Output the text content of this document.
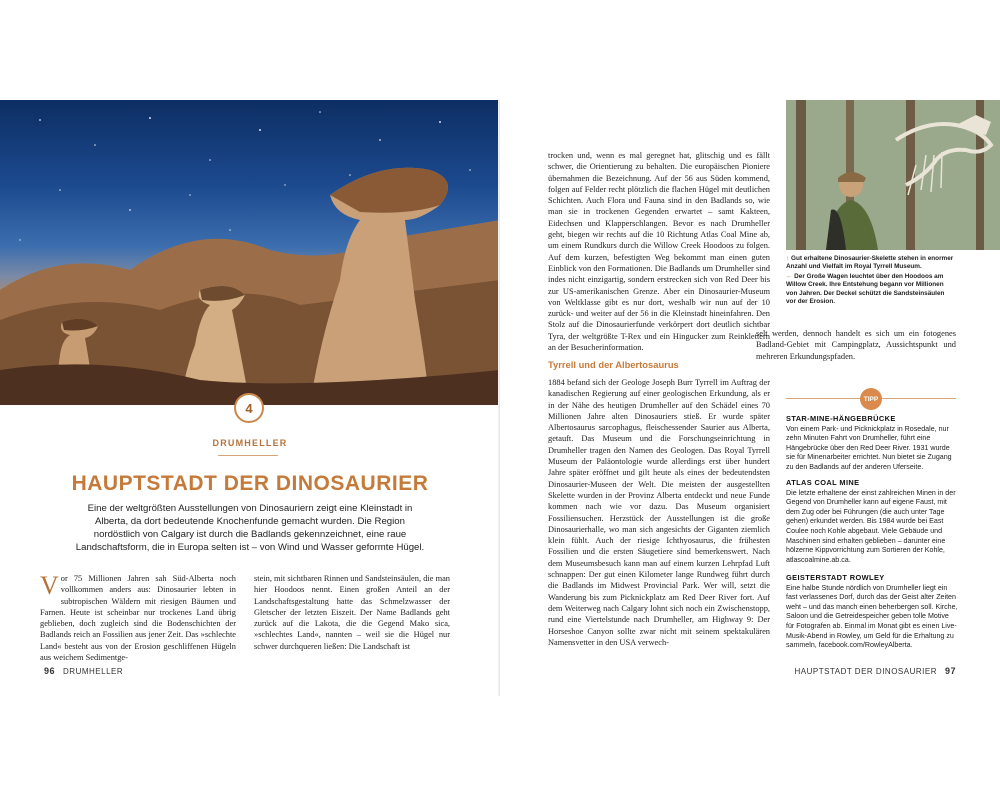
4
DRUMHELLER
HAUPTSTADT DER DINOSAURIER
Eine der weltgrößten Ausstellungen von Dinosauriern zeigt eine Kleinstadt in Alberta, da dort bedeutende Knochenfunde gemacht wurden. Die Region nordöstlich von Calgary ist durch die Badlands gekennzeichnet, eine raue Landschaftsform, die in Europa selten ist – von Wind und Wasser geformte Hügel.
Vor 75 Millionen Jahren sah Süd-Alberta noch vollkommen anders aus: Dinosaurier lebten in subtropischen Wäldern mit riesigen Bäumen und Farnen. Heute ist scheinbar nur trockenes Land übrig geblieben, doch zugleich sind die Bodenschichten der Badlands reich an Fossilien aus jener Zeit. Das »schlechte Land« besteht aus von der Erosion geschliffenen Hügeln aus weichem Sedimentge-
stein, mit sichtbaren Rinnen und Sandsteinsäulen, die man hier Hoodoos nennt. Einen großen Anteil an der Landschaftsgestaltung hatte das Schmelzwasser der Gletscher der letzten Eiszeit. Der Name Badlands geht zurück auf die Lakota, die die Gegend Mako sica, »schlechtes Land«, nannten – weil sie die Hügel nur schwer durchqueren ließen: Die Landschaft ist
96 DRUMHELLER
trocken und, wenn es mal geregnet hat, glitschig und es fällt schwer, die Orientierung zu behalten. Die europäischen Pioniere übernahmen die Bezeichnung. Auf der 56 aus Süden kommend, folgen auf Felder recht plötzlich die flachen Hügel mit deutlichen Schichten. Auch Flora und Fauna sind in den Badlands so, wie man sie in trockenen Gegenden erwartet – samt Kakteen, Eidechsen und Klapperschlangen. Bevor es nach Drumheller geht, biegen wir rechts auf die 10 Richtung Atlas Coal Mine ab, um einem Rundkurs durch die Willow Creek Hoodoos zu folgen. Auf dem kurzen, befestigten Weg bekommt man einen guten Einblick von den Formationen. Die Badlands um Drumheller sind indes nicht einzigartig, sondern erstrecken sich von Red Deer bis zur US-amerikanischen Grenze. Aber ein Dinosaurier-Museum von Weltklasse gibt es nur dort, weshalb wir nun auf der 10 zurück- und weiter auf der 56 in die Kleinstadt hineinfahren. Den Stolz auf die Dinosaurierfunde verkörpert dort deutlich sichtbar Tyra, der weltgrößte T-Rex und ein Hingucker zum Reinklettern an der Besucherinformation.
Tyrrell und der Albertosaurus
1884 befand sich der Geologe Joseph Burr Tyrrell im Auftrag der kanadischen Regierung auf einer geologischen Erkundung, als er in der Nähe des heutigen Drumheller auf den Schädel eines 70 Millionen Jahre alten Dinosauriers stieß. Er wurde später Albertosaurus sarcophagus, fleischessender Saurier aus Alberta, getauft. Das Museum und die Forschungseinrichtung in Drumheller tragen den Namen des Geologen. Das Royal Tyrrell Museum der Paläontologie wurde allerdings erst über hundert Jahre später eröffnet und gilt heute als eines der bedeutendsten Dinosaurier-Museen der Welt. Die meisten der ausgestellten Skelette wurden in der Provinz Alberta entdeckt und neue Funde kommen nach wie vor dazu. Das Museum organisiert Fossiliensuchen. Herzstück der Ausstellungen ist die große Dinosaurierhalle, wo man sich angesichts der Giganten ziemlich klein fühlt. Auch der riesige Ichthyosaurus, die frühesten Fossilien und die ersten Säugetiere sind bemerkenswert. Nach dem Museumsbesuch kann man auf einem kurzen Lehrpfad Luft schnappen: Der gut einen Kilometer lange Rundweg führt durch die Badlands im Midwest Provincial Park. Wer will, setzt die Wanderung bis zum Picknickplatz am Red Deer River fort. Auf dem Weiterweg nach Calgary lohnt sich noch ein Zwischenstopp, rund eine Viertelstunde nach Drumheller, am Highway 9: Der Horseshoe Canyon sollte zwar nicht mit seinem spektakulären Namensvetter in den USA verwech-
selt werden, dennoch handelt es sich um ein fotogenes Badland-Gebiet mit Campingplatz, Aussichtspunkt und mehreren Erkundungspfaden.

↑ Gut erhaltene Dinosaurier-Skelette stehen in enormer Anzahl und Vielfalt im Royal Tyrrell Museum.

← Der Große Wagen leuchtet über den Hoodoos am Willow Creek. Ihre Entstehung begann vor Millionen von Jahren. Der Deckel schützt die Sandsteinsäulen vor der Erosion.

TIPP
STAR-MINE-HÄNGEBRÜCKE

Von einem Park- und Picknickplatz in Rosedale, nur zehn Minuten Fahrt von Drumheller, führt eine Hängebrücke über den Red Deer River. 1931 wurde sie für Minenarbeiter errichtet. Nun bietet sie Zugang zu den Badlands auf der anderen Uferseite.

ATLAS COAL MINE

Die letzte erhaltene der einst zahlreichen Minen in der Gegend von Drumheller kann auf eigene Faust, mit dem Zug oder bei Führungen (die auch unter Tage gehen) erkundet werden. Bis 1984 wurde bei East Coulee noch Kohle abgebaut. Viele Gebäude und Maschinen sind erhalten geblieben – darunter eine hölzerne Kippvorrichtung zum Sortieren der Kohle, atlascoalmine.ab.ca.

GEISTERSTADT ROWLEY

Eine halbe Stunde nördlich von Drumheller liegt ein fast verlassenes Dorf, durch das der Geist alter Zeiten weht – und das manch einen beherbergen soll. Kirche, Saloon und die Getreidespeicher geben tolle Motive für Fotografen ab. Einmal im Monat gibt es einen Live-Musik-Abend in Rowley, um Geld für die Erhaltung zu sammeln, facebook.com/RowleyAlberta.

HAUPTSTADT DER DINOSAURIER 97
